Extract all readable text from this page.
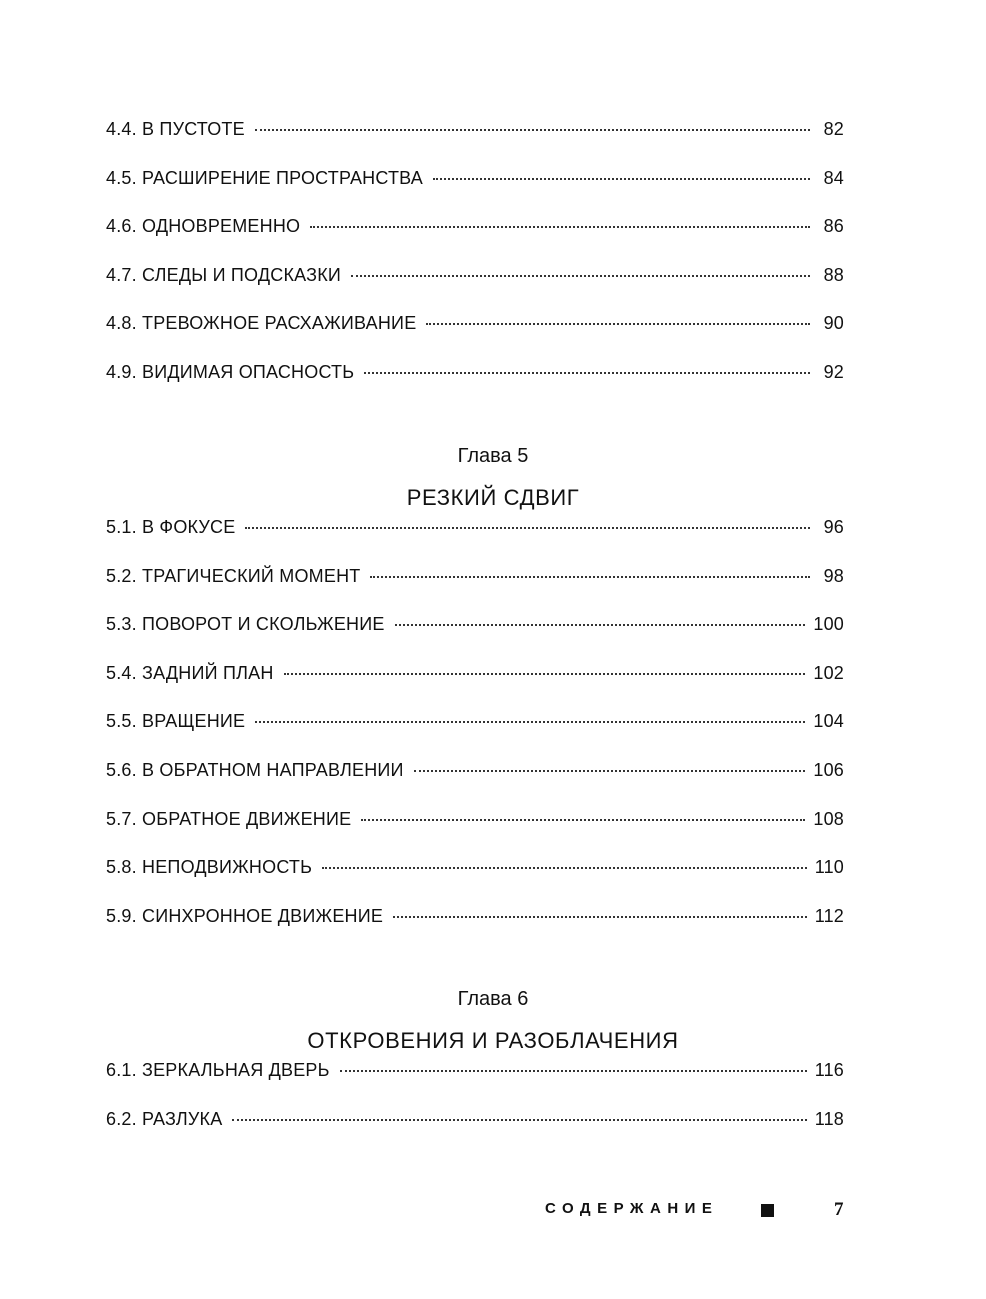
4.4. В ПУСТОТЕ	82
4.5. РАСШИРЕНИЕ ПРОСТРАНСТВА	84
4.6. ОДНОВРЕМЕННО	86
4.7. СЛЕДЫ И ПОДСКАЗКИ	88
4.8. ТРЕВОЖНОЕ РАСХАЖИВАНИЕ	90
4.9. ВИДИМАЯ ОПАСНОСТЬ	92
Глава 5
РЕЗКИЙ СДВИГ
5.1. В ФОКУСЕ	96
5.2. ТРАГИЧЕСКИЙ МОМЕНТ	98
5.3. ПОВОРОТ И СКОЛЬЖЕНИЕ	100
5.4. ЗАДНИЙ ПЛАН	102
5.5. ВРАЩЕНИЕ	104
5.6. В ОБРАТНОМ НАПРАВЛЕНИИ	106
5.7. ОБРАТНОЕ ДВИЖЕНИЕ	108
5.8. НЕПОДВИЖНОСТЬ	110
5.9. СИНХРОННОЕ ДВИЖЕНИЕ	112
Глава 6
ОТКРОВЕНИЯ И РАЗОБЛАЧЕНИЯ
6.1. ЗЕРКАЛЬНАЯ ДВЕРЬ	116
6.2. РАЗЛУКА	118
СОДЕРЖАНИЕ	7
